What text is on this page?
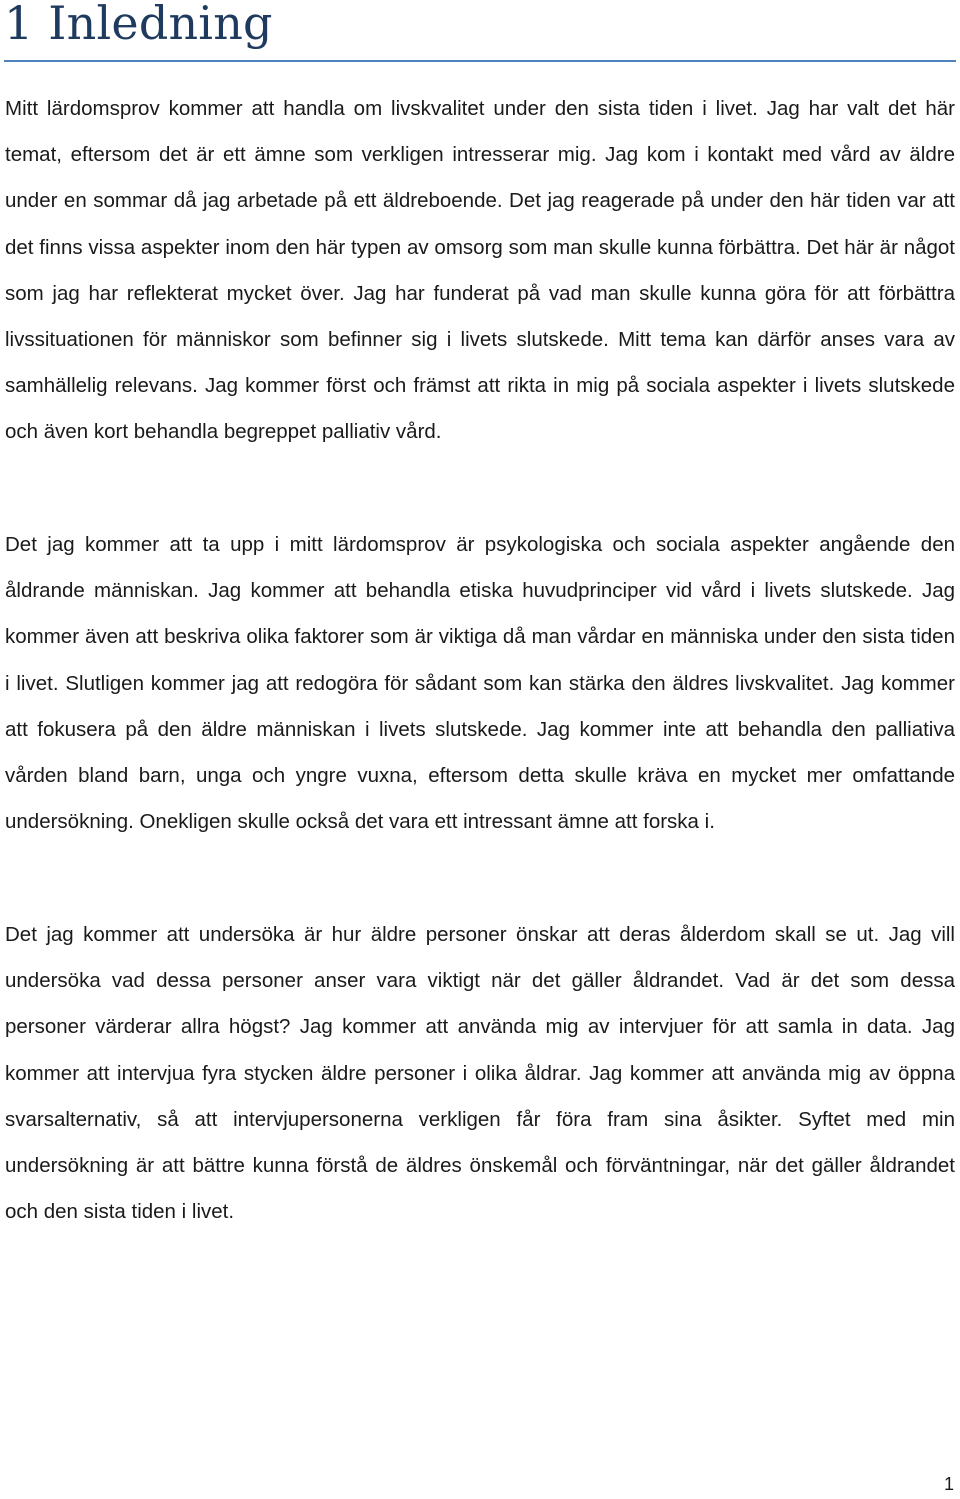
1 Inledning

Mitt lärdomsprov kommer att handla om livskvalitet under den sista tiden i livet. Jag har valt det här temat, eftersom det är ett ämne som verkligen intresserar mig. Jag kom i kontakt med vård av äldre under en sommar då jag arbetade på ett äldreboende. Det jag reagerade på under den här tiden var att det finns vissa aspekter inom den här typen av omsorg som man skulle kunna förbättra. Det här är något som jag har reflekterat mycket över. Jag har funderat på vad man skulle kunna göra för att förbättra livssituationen för människor som befinner sig i livets slutskede. Mitt tema kan därför anses vara av samhällelig relevans. Jag kommer först och främst att rikta in mig på sociala aspekter i livets slutskede och även kort behandla begreppet palliativ vård.

Det jag kommer att ta upp i mitt lärdomsprov är psykologiska och sociala aspekter angående den åldrande människan. Jag kommer att behandla etiska huvudprinciper vid vård i livets slutskede. Jag kommer även att beskriva olika faktorer som är viktiga då man vårdar en människa under den sista tiden i livet. Slutligen kommer jag att redogöra för sådant som kan stärka den äldres livskvalitet. Jag kommer att fokusera på den äldre människan i livets slutskede. Jag kommer inte att behandla den palliativa vården bland barn, unga och yngre vuxna, eftersom detta skulle kräva en mycket mer omfattande undersökning. Onekligen skulle också det vara ett intressant ämne att forska i.

Det jag kommer att undersöka är hur äldre personer önskar att deras ålderdom skall se ut. Jag vill undersöka vad dessa personer anser vara viktigt när det gäller åldrandet. Vad är det som dessa personer värderar allra högst? Jag kommer att använda mig av intervjuer för att samla in data. Jag kommer att intervjua fyra stycken äldre personer i olika åldrar. Jag kommer att använda mig av öppna svarsalternativ, så att intervjupersonerna verkligen får föra fram sina åsikter. Syftet med min undersökning är att bättre kunna förstå de äldres önskemål och förväntningar, när det gäller åldrandet och den sista tiden i livet.

1
